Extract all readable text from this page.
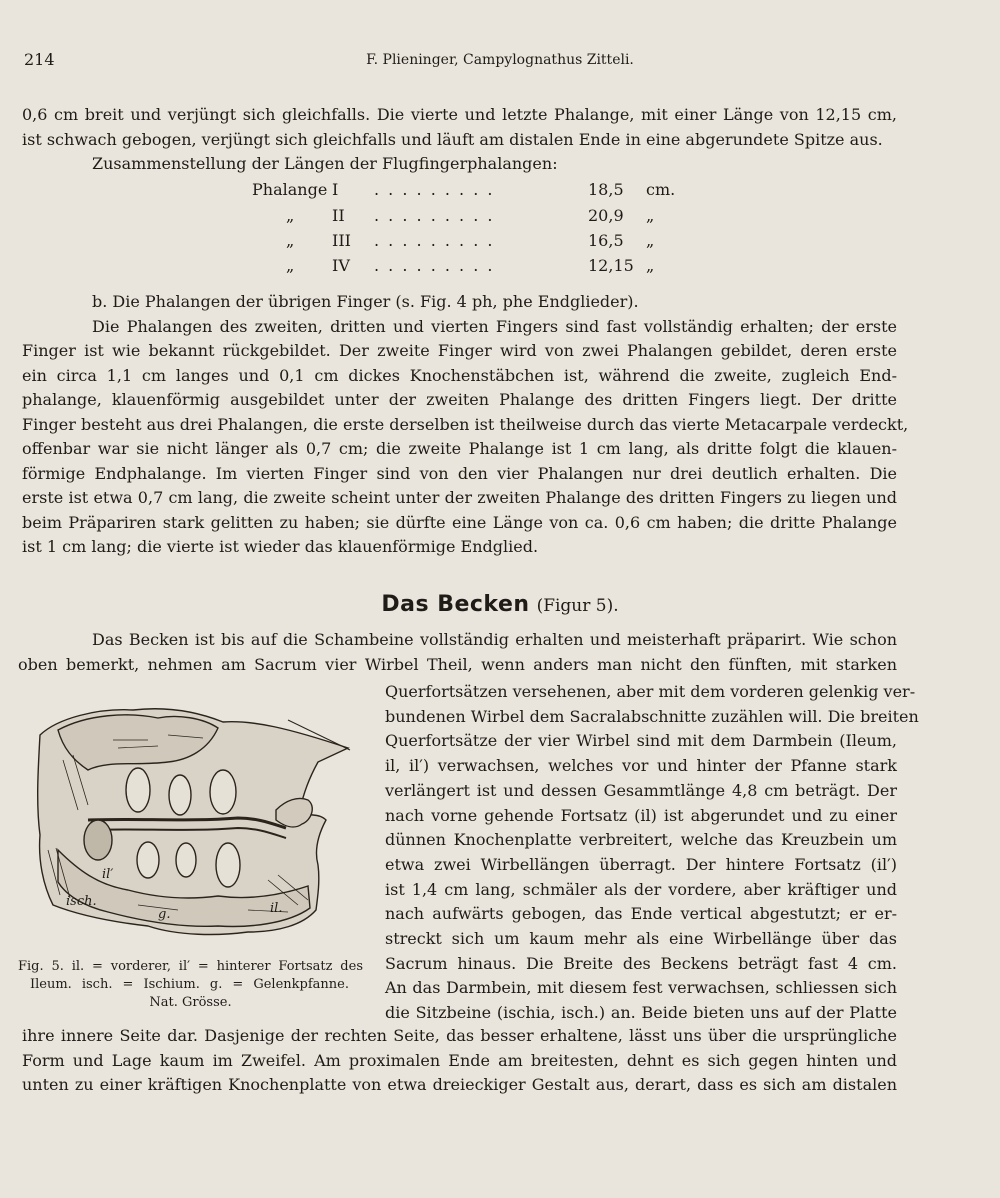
214	F. Plieninger, Campylognathus Zitteli.
0,6 cm breit und verjüngt sich gleichfalls. Die vierte und letzte Phalange, mit einer Länge von 12,15 cm,
ist schwach gebogen, verjüngt sich gleichfalls und läuft am distalen Ende in eine abgerundete Spitze aus.
Zusammenstellung der Längen der Flugfingerphalangen:
Phalange I . . . . . . . . .	18,5 cm.
„ II . . . . . . . . .	20,9 „
„ III . . . . . . . . .	16,5 „
„ IV . . . . . . . . .	12,15 „
b. Die Phalangen der übrigen Finger (s. Fig. 4 ph, phe Endglieder).
Die Phalangen des zweiten, dritten und vierten Fingers sind fast vollständig erhalten; der erste
Finger ist wie bekannt rückgebildet. Der zweite Finger wird von zwei Phalangen gebildet, deren erste
ein circa 1,1 cm langes und 0,1 cm dickes Knochenstäbchen ist, während die zweite, zugleich End-
phalange, klauenförmig ausgebildet unter der zweiten Phalange des dritten Fingers liegt. Der dritte
Finger besteht aus drei Phalangen, die erste derselben ist theilweise durch das vierte Metacarpale verdeckt,
offenbar war sie nicht länger als 0,7 cm; die zweite Phalange ist 1 cm lang, als dritte folgt die klauen-
förmige Endphalange. Im vierten Finger sind von den vier Phalangen nur drei deutlich erhalten. Die
erste ist etwa 0,7 cm lang, die zweite scheint unter der zweiten Phalange des dritten Fingers zu liegen und
beim Präpariren stark gelitten zu haben; sie dürfte eine Länge von ca. 0,6 cm haben; die dritte Phalange
ist 1 cm lang; die vierte ist wieder das klauenförmige Endglied.
Das Becken (Figur 5).
Das Becken ist bis auf die Schambeine vollständig erhalten und meisterhaft präparirt. Wie schon
oben bemerkt, nehmen am Sacrum vier Wirbel Theil, wenn anders man nicht den fünften, mit starken
Querfortsätzen versehenen, aber mit dem vorderen gelenkig ver-
bundenen Wirbel dem Sacralabschnitte zuzählen will. Die breiten
Querfortsätze der vier Wirbel sind mit dem Darmbein (Ileum,
il, il′) verwachsen, welches vor und hinter der Pfanne stark
verlängert ist und dessen Gesammtlänge 4,8 cm beträgt. Der
nach vorne gehende Fortsatz (il) ist abgerundet und zu einer
dünnen Knochenplatte verbreitert, welche das Kreuzbein um
etwa zwei Wirbellängen überragt. Der hintere Fortsatz (il′)
ist 1,4 cm lang, schmäler als der vordere, aber kräftiger und
nach aufwärts gebogen, das Ende vertical abgestutzt; er er-
streckt sich um kaum mehr als eine Wirbellänge über das
Sacrum hinaus. Die Breite des Beckens beträgt fast 4 cm.
An das Darmbein, mit diesem fest verwachsen, schliessen sich
die Sitzbeine (ischia, isch.) an. Beide bieten uns auf der Platte
isch.
il′
g.	il.
Fig. 5. il. = vorderer, il′ = hinterer Fortsatz des
Ileum. isch. = Ischium. g. = Gelenkpfanne.
Nat. Grösse.
ihre innere Seite dar. Dasjenige der rechten Seite, das besser erhaltene, lässt uns über die ursprüngliche
Form und Lage kaum im Zweifel. Am proximalen Ende am breitesten, dehnt es sich gegen hinten und
unten zu einer kräftigen Knochenplatte von etwa dreieckiger Gestalt aus, derart, dass es sich am distalen
